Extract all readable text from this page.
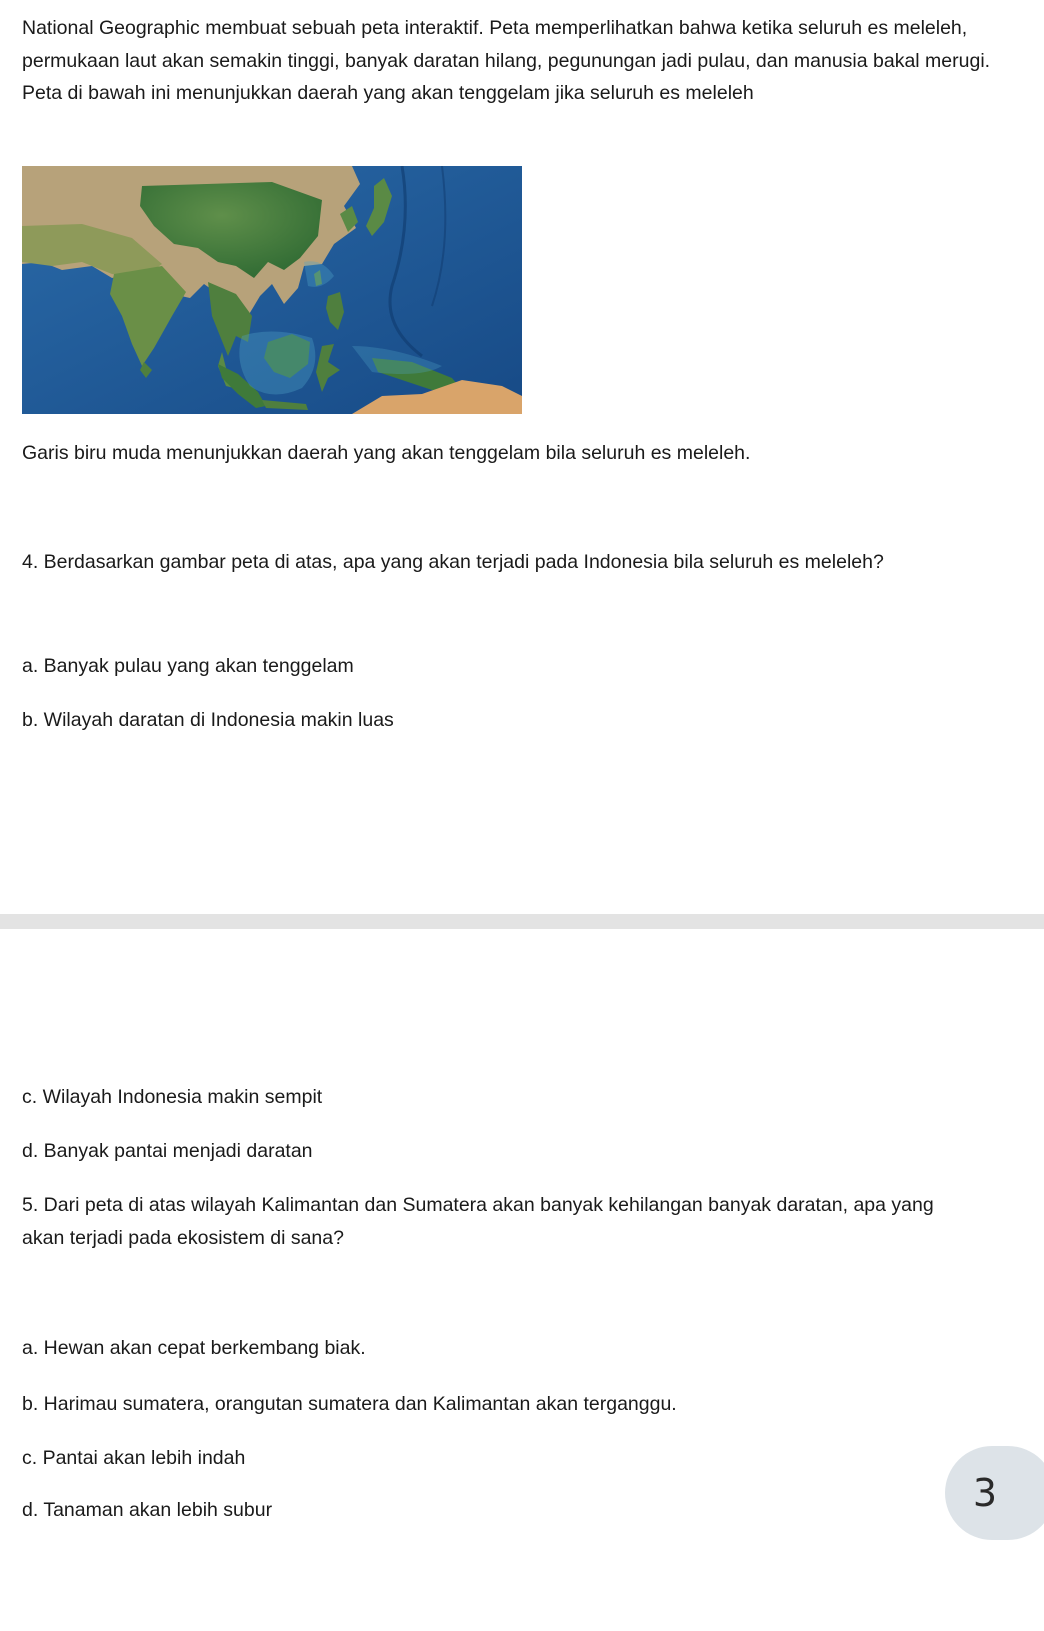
National Geographic membuat sebuah peta interaktif. Peta memperlihatkan bahwa ketika seluruh es meleleh, permukaan laut akan semakin tinggi, banyak daratan hilang, pegunungan jadi pulau, dan manusia bakal merugi. Peta di bawah ini menunjukkan daerah yang akan tenggelam jika seluruh es meleleh

Garis biru muda menunjukkan daerah yang akan tenggelam bila seluruh es meleleh.

4. Berdasarkan gambar peta di atas, apa yang akan terjadi pada Indonesia bila seluruh es meleleh?

a. Banyak pulau yang akan tenggelam

b. Wilayah daratan di Indonesia makin luas

c. Wilayah Indonesia makin sempit

d. Banyak pantai menjadi daratan

5. Dari peta di atas wilayah Kalimantan dan Sumatera akan banyak kehilangan banyak daratan, apa yang

akan terjadi pada ekosistem di sana?

a. Hewan akan cepat berkembang biak.

b. Harimau sumatera, orangutan sumatera dan Kalimantan akan terganggu.

c. Pantai akan lebih indah

d. Tanaman akan lebih subur	3
